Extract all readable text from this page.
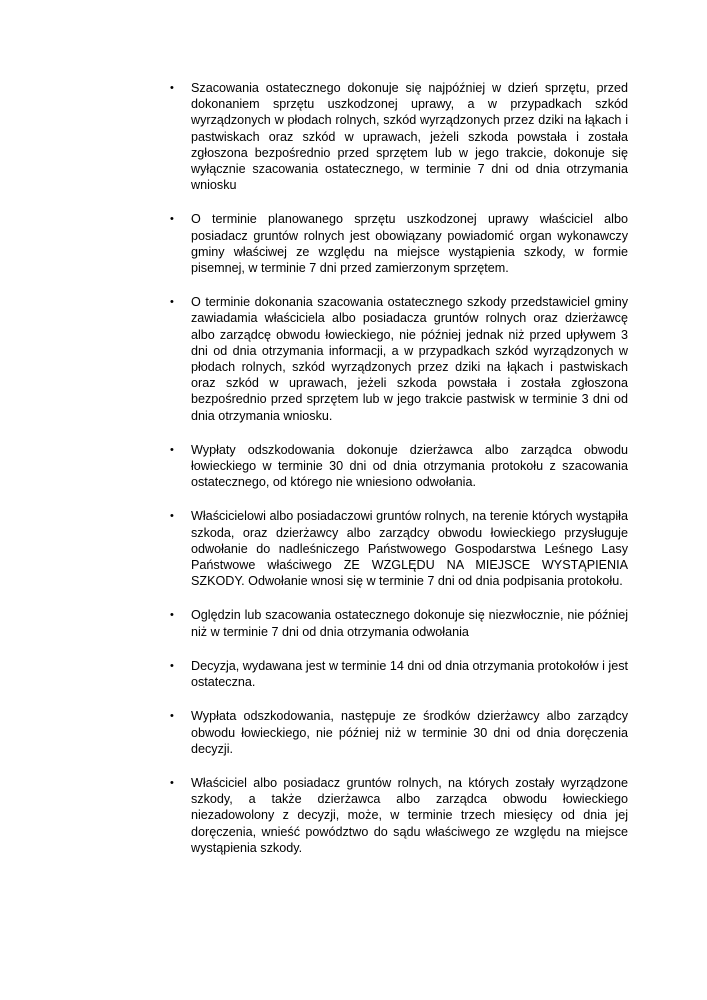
• Szacowania ostatecznego dokonuje się najpóźniej w dzień sprzętu, przed dokonaniem sprzętu uszkodzonej uprawy, a w przypadkach szkód wyrządzonych w płodach rolnych, szkód wyrządzonych przez dziki na łąkach i pastwiskach oraz szkód w uprawach, jeżeli szkoda powstała i została zgłoszona bezpośrednio przed sprzętem lub w jego trakcie, dokonuje się wyłącznie szacowania ostatecznego, w terminie 7 dni od dnia otrzymania wniosku
• O terminie planowanego sprzętu uszkodzonej uprawy właściciel albo posiadacz gruntów rolnych jest obowiązany powiadomić organ wykonawczy gminy właściwej ze względu na miejsce wystąpienia szkody, w formie pisemnej, w terminie 7 dni przed zamierzonym sprzętem.
• O terminie dokonania szacowania ostatecznego szkody przedstawiciel gminy zawiadamia właściciela albo posiadacza gruntów rolnych oraz dzierżawcę albo zarządcę obwodu łowieckiego, nie później jednak niż przed upływem 3 dni od dnia otrzymania informacji, a w przypadkach szkód wyrządzonych w płodach rolnych, szkód wyrządzonych przez dziki na łąkach i pastwiskach oraz szkód w uprawach, jeżeli szkoda powstała i została zgłoszona bezpośrednio przed sprzętem lub w jego trakcie pastwisk w terminie 3 dni od dnia otrzymania wniosku.
• Wypłaty odszkodowania dokonuje dzierżawca albo zarządca obwodu łowieckiego w terminie 30 dni od dnia otrzymania protokołu z szacowania ostatecznego, od którego nie wniesiono odwołania.
• Właścicielowi albo posiadaczowi gruntów rolnych, na terenie których wystąpiła szkoda, oraz dzierżawcy albo zarządcy obwodu łowieckiego przysługuje odwołanie do nadleśniczego Państwowego Gospodarstwa Leśnego Lasy Państwowe właściwego ZE WZGLĘDU NA MIEJSCE WYSTĄPIENIA SZKODY. Odwołanie wnosi się w terminie 7 dni od dnia podpisania protokołu.
• Oględzin lub szacowania ostatecznego dokonuje się niezwłocznie, nie później niż w terminie 7 dni od dnia otrzymania odwołania
• Decyzja, wydawana jest w terminie 14 dni od dnia otrzymania protokołów i jest ostateczna.
• Wypłata odszkodowania, następuje ze środków dzierżawcy albo zarządcy obwodu łowieckiego, nie później niż w terminie 30 dni od dnia doręczenia decyzji.
• Właściciel albo posiadacz gruntów rolnych, na których zostały wyrządzone szkody, a także dzierżawca albo zarządca obwodu łowieckiego niezadowolony z decyzji, może, w terminie trzech miesięcy od dnia jej doręczenia, wnieść powództwo do sądu właściwego ze względu na miejsce wystąpienia szkody.
